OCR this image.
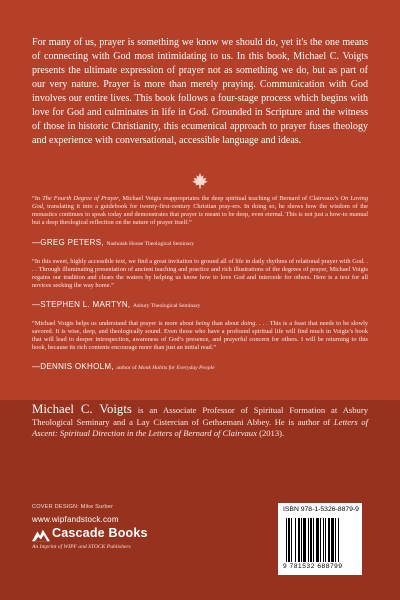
For many of us, prayer is something we know we should do, yet it's the one means of connecting with God most intimidating to us. In this book, Michael C. Voigts presents the ultimate expression of prayer not as something we do, but as part of our very nature. Prayer is more than merely praying. Communication with God involves our entire lives. This book follows a four-stage process which begins with love for God and culminates in life in God. Grounded in Scripture and the witness of those in historic Christianity, this ecumenical approach to prayer fuses theology and experience with conversational, accessible language and ideas.

“In The Fourth Degree of Prayer, Michael Voigts reappropriates the deep spiritual teaching of Bernard of Clairvaux’s On Loving God, translating it into a guidebook for twenty-first-century Christian pray-ers. In doing so, he shows how the wisdom of the monastics continues to speak today and demonstrates that prayer is meant to be deep, even eternal. This is not just a how-to manual but a deep theological reflection on the nature of prayer itself.”

—GREG PETERS, Nashotah House Theological Seminary

“In this sweet, highly accessible text, we find a great invitation to ground all of life in daily rhythms of relational prayer with God. . . . Through illuminating presentation of ancient teaching and practice and rich illustrations of the degrees of prayer, Michael Voigts regains our tradition and clears the waters by helping us know how to love God and intercede for others. Here is a text for all novices seeking the way home.”

—STEPHEN L. MARTYN, Asbury Theological Seminary

“Michael Voigts helps us understand that prayer is more about being than about doing. . . . This is a feast that needs to be slowly savored. It is wise, deep, and theologically sound. Even those who have a profound spiritual life will find much in Voigts’s book that will lead to deeper introspection, awareness of God’s presence, and prayerful concern for others. I will be returning to this book, because its rich contents encourage more than just an initial read.”

—DENNIS OKHOLM, author of Monk Habits for Everyday People

Michael C. Voigts is an Associate Professor of Spiritual Formation at Asbury Theological Seminary and a Lay Cistercian of Gethsemani Abbey. He is author of Letters of Ascent: Spiritual Direction in the Letters of Bernard of Clairvaux (2013).

COVER DESIGN: Mike Surber
www.wipfandstock.com
Cascade Books
An Imprint of WIPF and STOCK Publishers
ISBN 978-1-5326-8879-9
9 781532 688799
